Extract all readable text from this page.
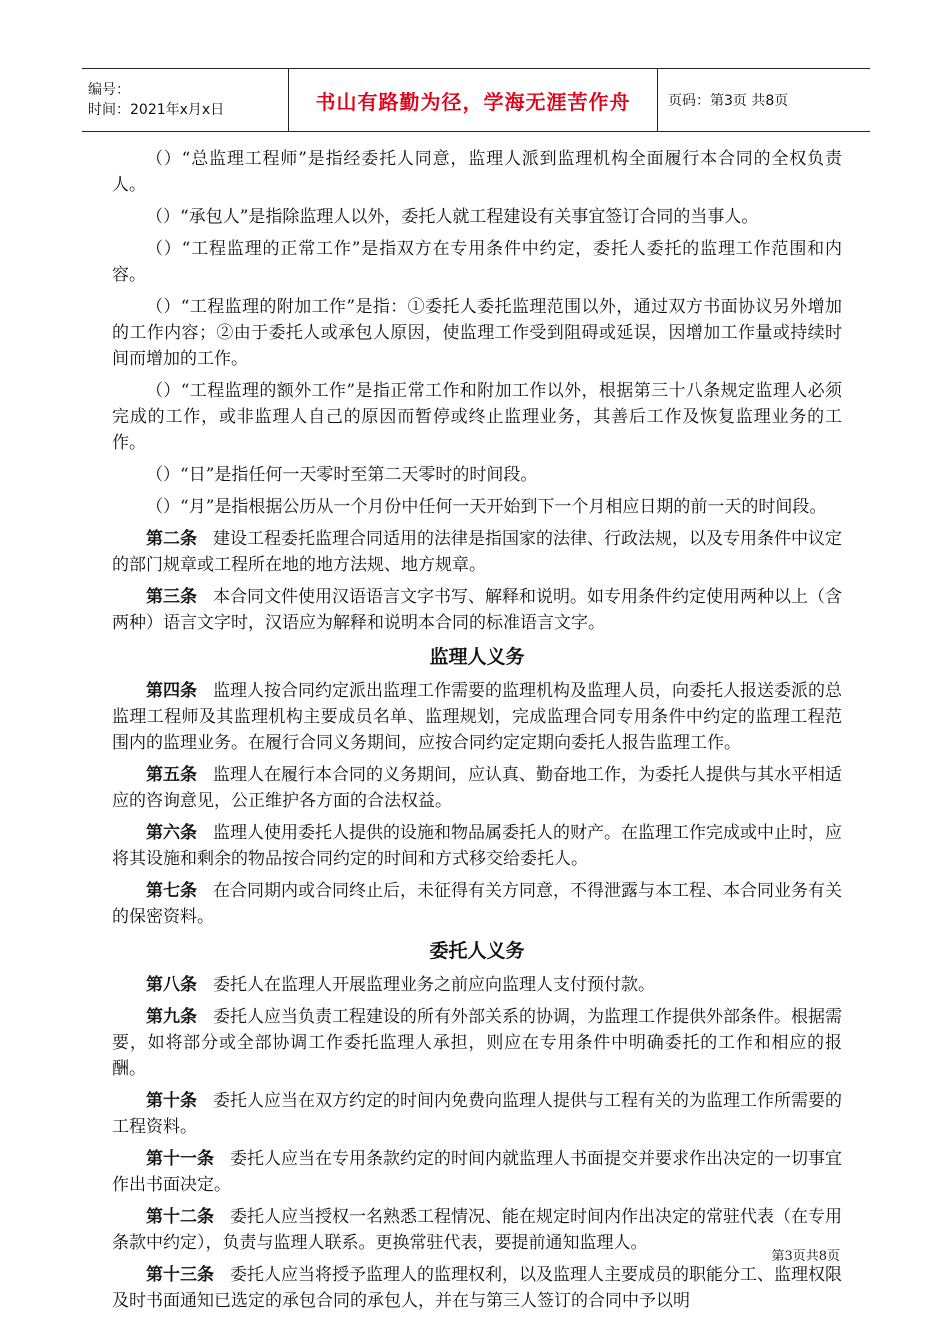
编号：
时间：2021年x月x日	书山有路勤为径，学海无涯苦作舟	页码：第3页 共8页

（）“总监理工程师”是指经委托人同意，监理人派到监理机构全面履行本合同的全权负责人。

（）“承包人”是指除监理人以外，委托人就工程建设有关事宜签订合同的当事人。

（）“工程监理的正常工作”是指双方在专用条件中约定，委托人委托的监理工作范围和内容。

（）“工程监理的附加工作”是指：①委托人委托监理范围以外，通过双方书面协议另外增加的工作内容；②由于委托人或承包人原因，使监理工作受到阻碍或延误，因增加工作量或持续时间而增加的工作。

（）“工程监理的额外工作”是指正常工作和附加工作以外，根据第三十八条规定监理人必须完成的工作，或非监理人自己的原因而暂停或终止监理业务，其善后工作及恢复监理业务的工作。

（）“日”是指任何一天零时至第二天零时的时间段。

（）“月”是指根据公历从一个月份中任何一天开始到下一个月相应日期的前一天的时间段。

第二条 建设工程委托监理合同适用的法律是指国家的法律、行政法规，以及专用条件中议定的部门规章或工程所在地的地方法规、地方规章。

第三条 本合同文件使用汉语语言文字书写、解释和说明。如专用条件约定使用两种以上（含两种）语言文字时，汉语应为解释和说明本合同的标准语言文字。

监理人义务

第四条 监理人按合同约定派出监理工作需要的监理机构及监理人员，向委托人报送委派的总监理工程师及其监理机构主要成员名单、监理规划，完成监理合同专用条件中约定的监理工程范围内的监理业务。在履行合同义务期间，应按合同约定定期向委托人报告监理工作。

第五条 监理人在履行本合同的义务期间，应认真、勤奋地工作，为委托人提供与其水平相适应的咨询意见，公正维护各方面的合法权益。

第六条 监理人使用委托人提供的设施和物品属委托人的财产。在监理工作完成或中止时，应将其设施和剩余的物品按合同约定的时间和方式移交给委托人。

第七条 在合同期内或合同终止后，未征得有关方同意，不得泄露与本工程、本合同业务有关的保密资料。

委托人义务

第八条 委托人在监理人开展监理业务之前应向监理人支付预付款。

第九条 委托人应当负责工程建设的所有外部关系的协调，为监理工作提供外部条件。根据需要，如将部分或全部协调工作委托监理人承担，则应在专用条件中明确委托的工作和相应的报酬。

第十条 委托人应当在双方约定的时间内免费向监理人提供与工程有关的为监理工作所需要的工程资料。

第十一条 委托人应当在专用条款约定的时间内就监理人书面提交并要求作出决定的一切事宜作出书面决定。

第十二条 委托人应当授权一名熟悉工程情况、能在规定时间内作出决定的常驻代表（在专用条款中约定），负责与监理人联系。更换常驻代表，要提前通知监理人。

第十三条 委托人应当将授予监理人的监理权利，以及监理人主要成员的职能分工、监理权限及时书面通知已选定的承包合同的承包人，并在与第三人签订的合同中予以明

第3页共8页
